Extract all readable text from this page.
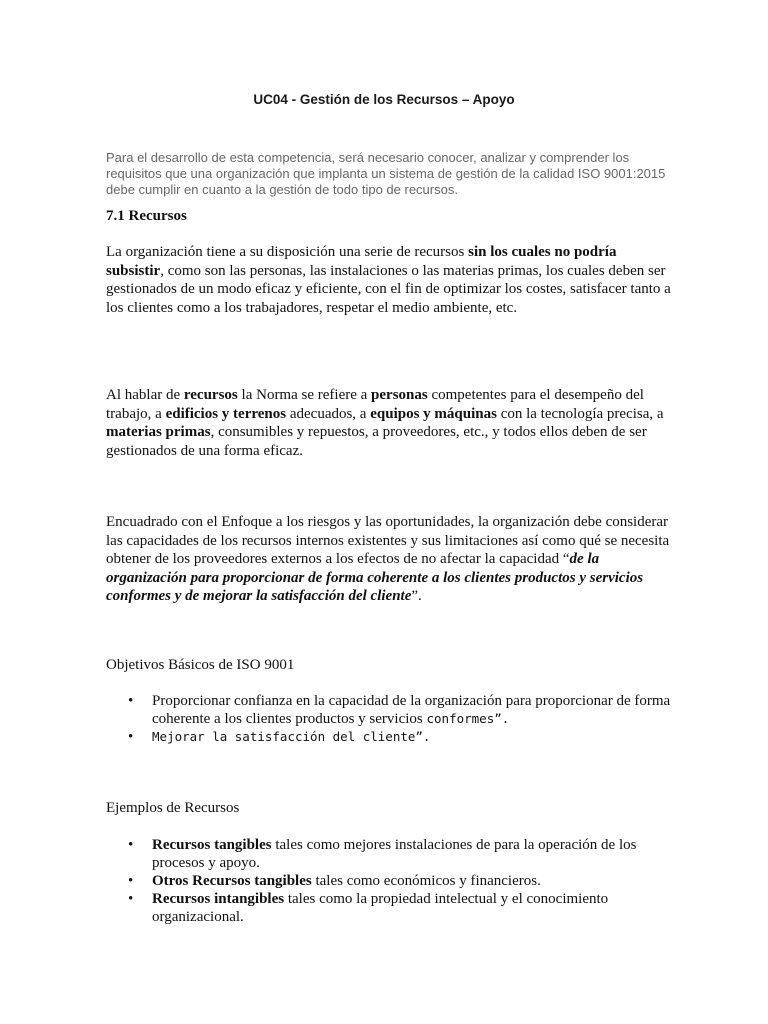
UC04 - Gestión de los Recursos – Apoyo
Para el desarrollo de esta competencia, será necesario conocer, analizar y comprender los requisitos que una organización que implanta un sistema de gestión de la calidad ISO 9001:2015 debe cumplir en cuanto a la gestión de todo tipo de recursos.
7.1 Recursos
La organización tiene a su disposición una serie de recursos sin los cuales no podría subsistir, como son las personas, las instalaciones o las materias primas, los cuales deben ser gestionados de un modo eficaz y eficiente, con el fin de optimizar los costes, satisfacer tanto a los clientes como a los trabajadores, respetar el medio ambiente, etc.
Al hablar de recursos la Norma se refiere a personas competentes para el desempeño del trabajo, a edificios y terrenos adecuados, a equipos y máquinas con la tecnología precisa, a materias primas, consumibles y repuestos, a proveedores, etc., y todos ellos deben de ser gestionados de una forma eficaz.
Encuadrado con el Enfoque a los riesgos y las oportunidades, la organización debe considerar las capacidades de los recursos internos existentes y sus limitaciones así como qué se necesita obtener de los proveedores externos a los efectos de no afectar la capacidad “de la organización para proporcionar de forma coherente a los clientes productos y servicios conformes y de mejorar la satisfacción del cliente”.
Objetivos Básicos de ISO 9001
• Proporcionar confianza en la capacidad de la organización para proporcionar de forma coherente a los clientes productos y servicios conformes”.
• Mejorar la satisfacción del cliente”.
Ejemplos de Recursos
• Recursos tangibles tales como mejores instalaciones de para la operación de los procesos y apoyo.
• Otros Recursos tangibles tales como económicos y financieros.
• Recursos intangibles tales como la propiedad intelectual y el conocimiento organizacional.
